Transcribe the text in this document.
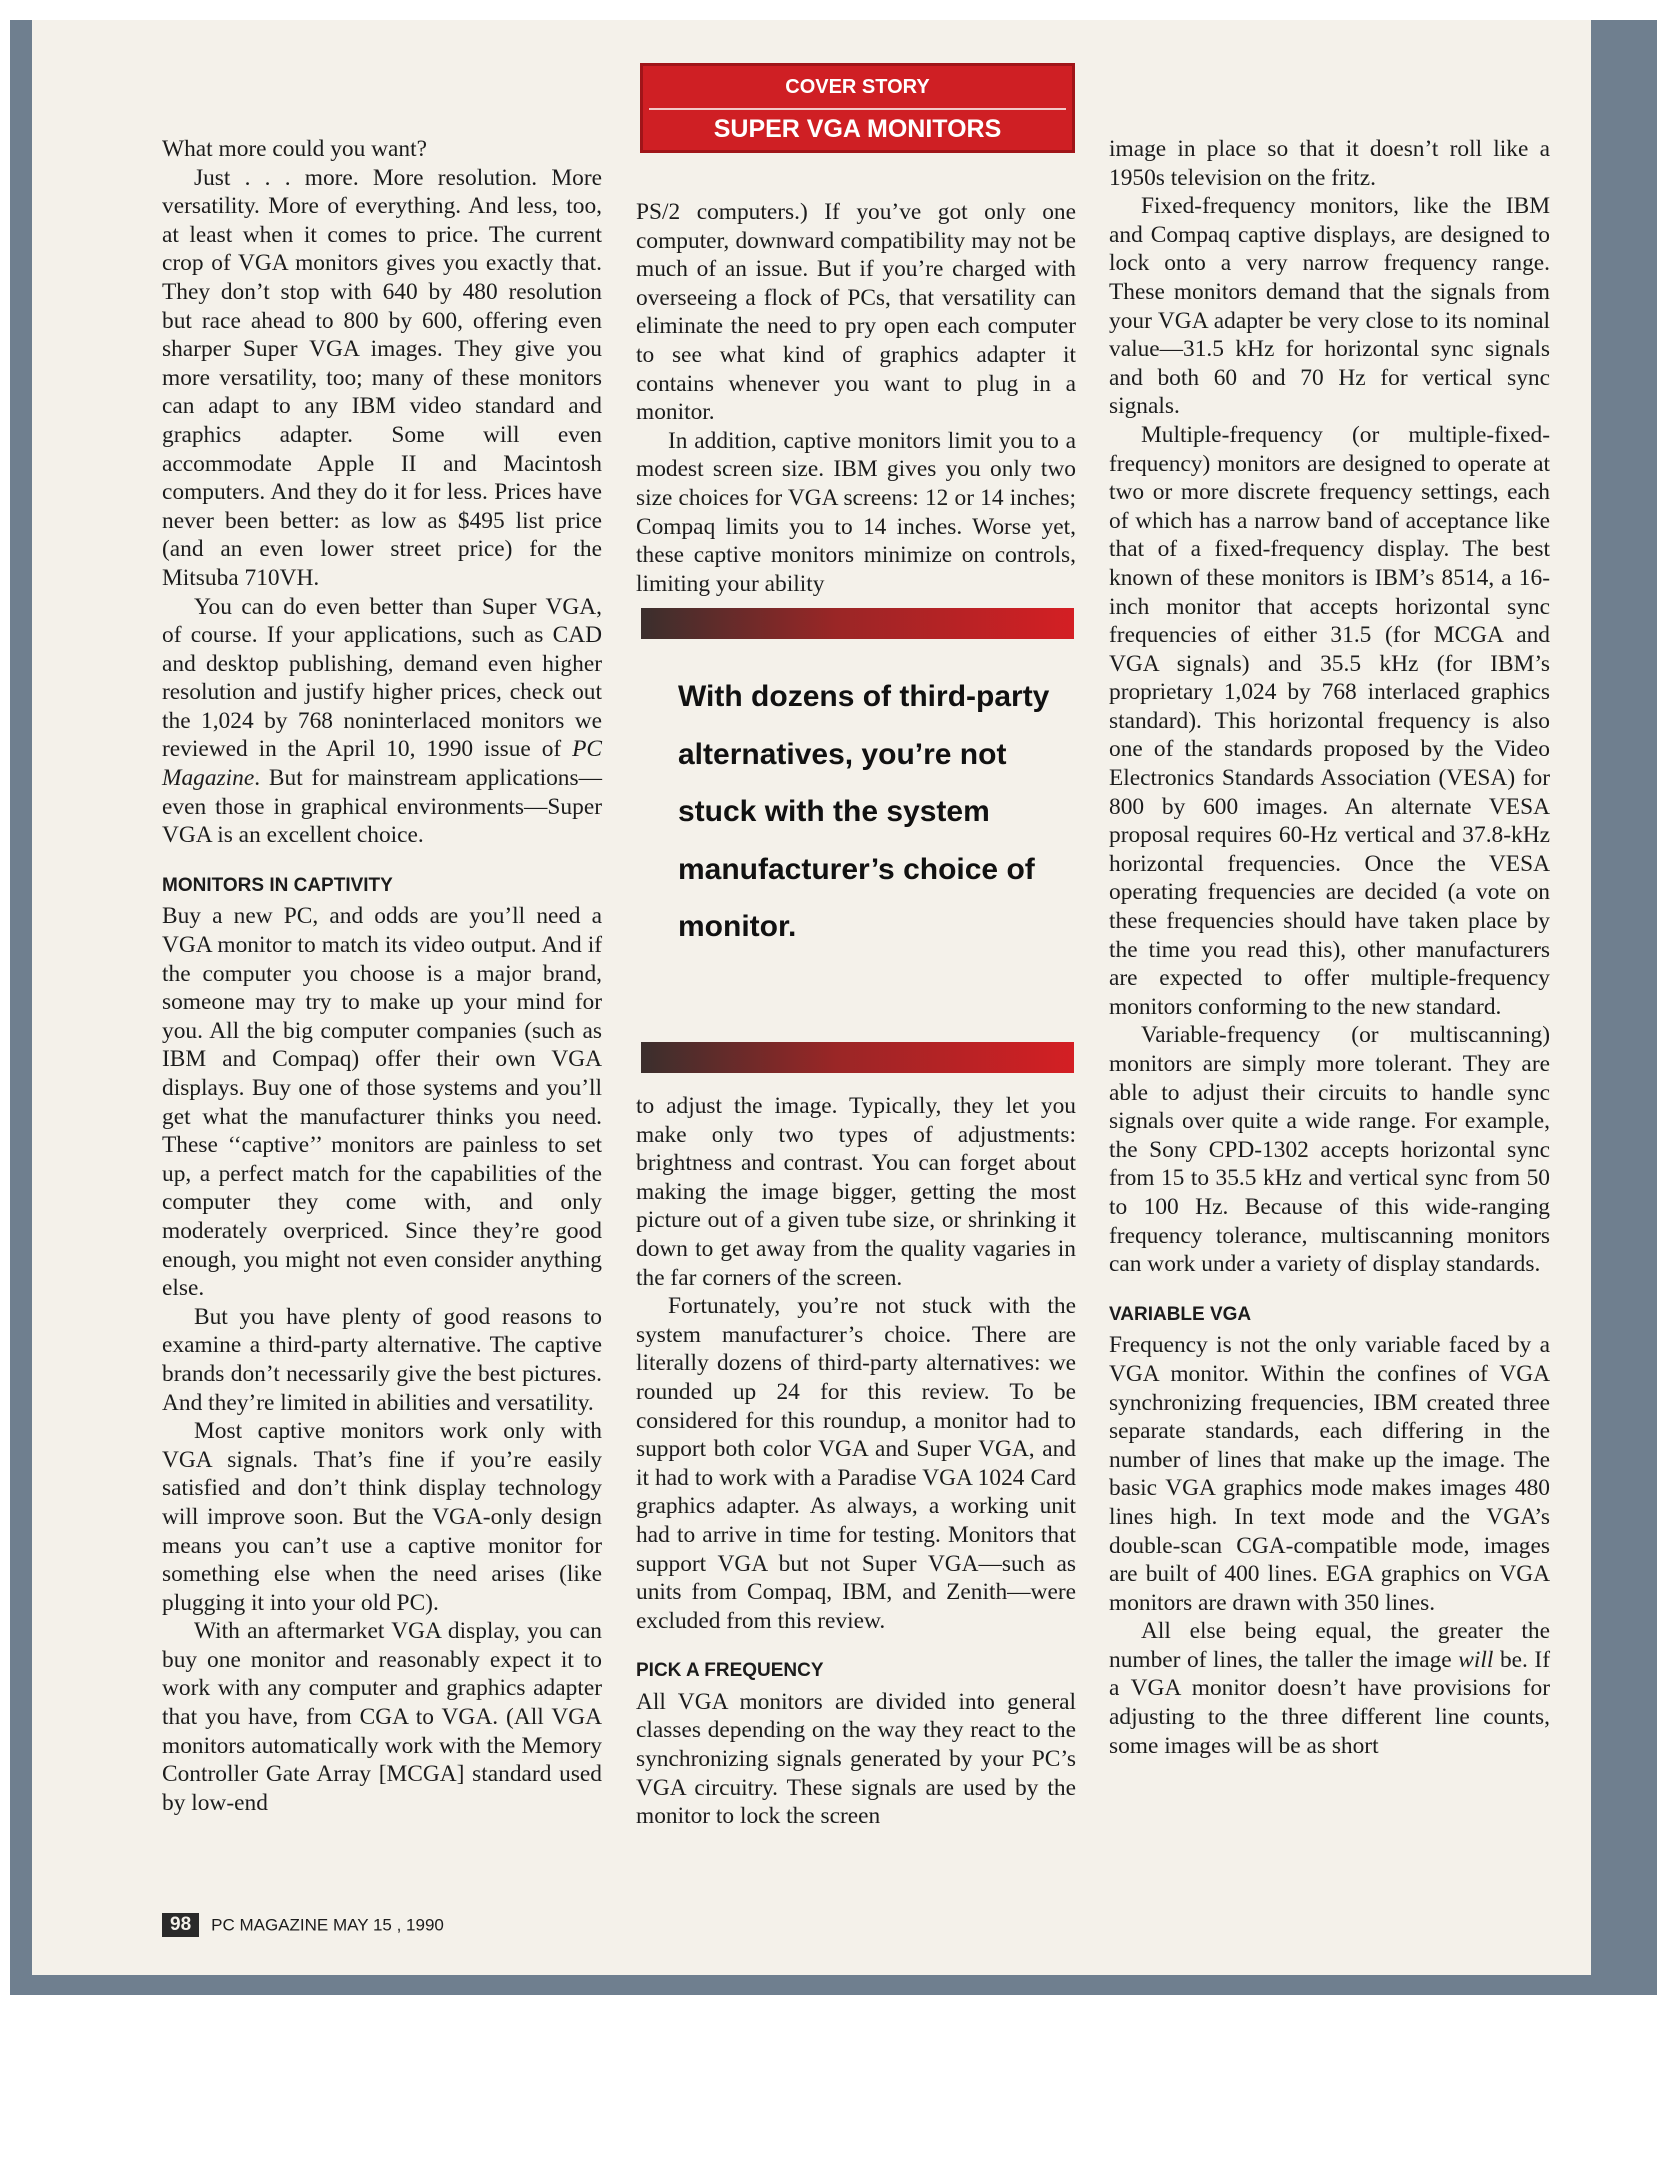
COVER STORY
SUPER VGA MONITORS

What more could you want?

Just . . . more. More resolution. More versatility. More of everything. And less, too, at least when it comes to price. The current crop of VGA monitors gives you exactly that. They don’t stop with 640 by 480 resolution but race ahead to 800 by 600, offering even sharper Super VGA images. They give you more versatility, too; many of these monitors can adapt to any IBM video standard and graphics adapter. Some will even accommodate Apple II and Macintosh computers. And they do it for less. Prices have never been better: as low as $495 list price (and an even lower street price) for the Mitsuba 710VH.

You can do even better than Super VGA, of course. If your applications, such as CAD and desktop publishing, demand even higher resolution and justify higher prices, check out the 1,024 by 768 noninterlaced monitors we reviewed in the April 10, 1990 issue of PC Magazine. But for mainstream applications—even those in graphical environments—Super VGA is an excellent choice.

MONITORS IN CAPTIVITY

Buy a new PC, and odds are you’ll need a VGA monitor to match its video output. And if the computer you choose is a major brand, someone may try to make up your mind for you. All the big computer companies (such as IBM and Compaq) offer their own VGA displays. Buy one of those systems and you’ll get what the manufacturer thinks you need. These ‘‘captive’’ monitors are painless to set up, a perfect match for the capabilities of the computer they come with, and only moderately overpriced. Since they’re good enough, you might not even consider anything else.

But you have plenty of good reasons to examine a third-party alternative. The captive brands don’t necessarily give the best pictures. And they’re limited in abilities and versatility.

Most captive monitors work only with VGA signals. That’s fine if you’re easily satisfied and don’t think display technology will improve soon. But the VGA-only design means you can’t use a captive monitor for something else when the need arises (like plugging it into your old PC).

With an aftermarket VGA display, you can buy one monitor and reasonably expect it to work with any computer and graphics adapter that you have, from CGA to VGA. (All VGA monitors automatically work with the Memory Controller Gate Array [MCGA] standard used by low-end

PS/2 computers.) If you’ve got only one computer, downward compatibility may not be much of an issue. But if you’re charged with overseeing a flock of PCs, that versatility can eliminate the need to pry open each computer to see what kind of graphics adapter it contains whenever you want to plug in a monitor.

In addition, captive monitors limit you to a modest screen size. IBM gives you only two size choices for VGA screens: 12 or 14 inches; Compaq limits you to 14 inches. Worse yet, these captive monitors minimize on controls, limiting your ability

With dozens of third-party alternatives, you’re not stuck with the system manufacturer’s choice of monitor.

to adjust the image. Typically, they let you make only two types of adjustments: brightness and contrast. You can forget about making the image bigger, getting the most picture out of a given tube size, or shrinking it down to get away from the quality vagaries in the far corners of the screen.

Fortunately, you’re not stuck with the system manufacturer’s choice. There are literally dozens of third-party alternatives: we rounded up 24 for this review. To be considered for this roundup, a monitor had to support both color VGA and Super VGA, and it had to work with a Paradise VGA 1024 Card graphics adapter. As always, a working unit had to arrive in time for testing. Monitors that support VGA but not Super VGA—such as units from Compaq, IBM, and Zenith—were excluded from this review.

PICK A FREQUENCY

All VGA monitors are divided into general classes depending on the way they react to the synchronizing signals generated by your PC’s VGA circuitry. These signals are used by the monitor to lock the screen

image in place so that it doesn’t roll like a 1950s television on the fritz.

Fixed-frequency monitors, like the IBM and Compaq captive displays, are designed to lock onto a very narrow frequency range. These monitors demand that the signals from your VGA adapter be very close to its nominal value—31.5 kHz for horizontal sync signals and both 60 and 70 Hz for vertical sync signals.

Multiple-frequency (or multiple-fixed-frequency) monitors are designed to operate at two or more discrete frequency settings, each of which has a narrow band of acceptance like that of a fixed-frequency display. The best known of these monitors is IBM’s 8514, a 16-inch monitor that accepts horizontal sync frequencies of either 31.5 (for MCGA and VGA signals) and 35.5 kHz (for IBM’s proprietary 1,024 by 768 interlaced graphics standard). This horizontal frequency is also one of the standards proposed by the Video Electronics Standards Association (VESA) for 800 by 600 images. An alternate VESA proposal requires 60-Hz vertical and 37.8-kHz horizontal frequencies. Once the VESA operating frequencies are decided (a vote on these frequencies should have taken place by the time you read this), other manufacturers are expected to offer multiple-frequency monitors conforming to the new standard.

Variable-frequency (or multiscanning) monitors are simply more tolerant. They are able to adjust their circuits to handle sync signals over quite a wide range. For example, the Sony CPD-1302 accepts horizontal sync from 15 to 35.5 kHz and vertical sync from 50 to 100 Hz. Because of this wide-ranging frequency tolerance, multiscanning monitors can work under a variety of display standards.

VARIABLE VGA

Frequency is not the only variable faced by a VGA monitor. Within the confines of VGA synchronizing frequencies, IBM created three separate standards, each differing in the number of lines that make up the image. The basic VGA graphics mode makes images 480 lines high. In text mode and the VGA’s double-scan CGA-compatible mode, images are built of 400 lines. EGA graphics on VGA monitors are drawn with 350 lines.

All else being equal, the greater the number of lines, the taller the image will be. If a VGA monitor doesn’t have provisions for adjusting to the three different line counts, some images will be as short

98 PC MAGAZINE MAY 15 , 1990
